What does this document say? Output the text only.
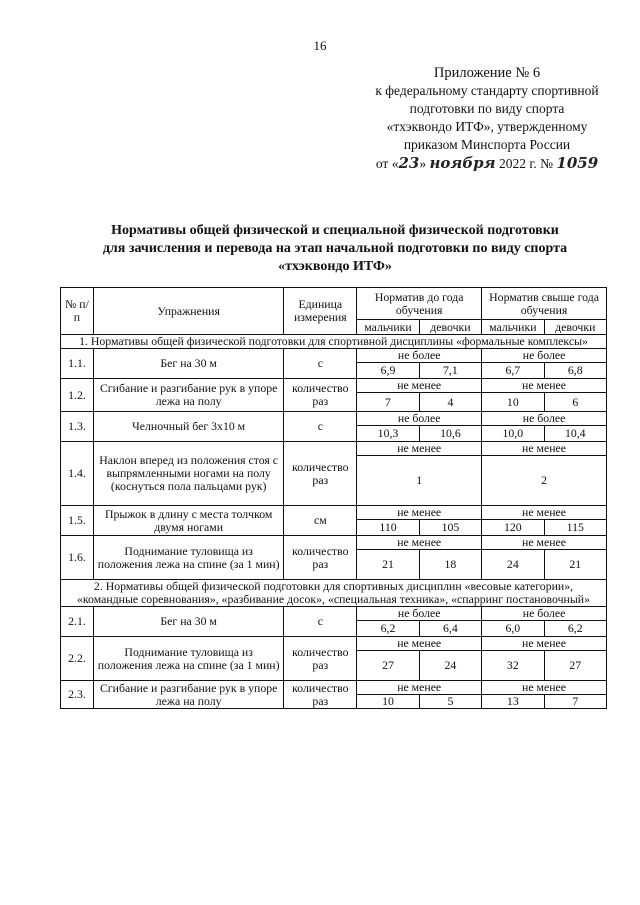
16
Приложение № 6
к федеральному стандарту спортивной
подготовки по виду спорта
«тхэквондо ИТФ», утвержденному
приказом Минспорта России
от «23» ноября 2022 г. № 1059
Нормативы общей физической и специальной физической подготовки
для зачисления и перевода на этап начальной подготовки по виду спорта
«тхэквондо ИТФ»
№ п/п	Упражнения	Единица измерения	Норматив до года обучения		Норматив свыше года обучения	
			мальчики	девочки	мальчики	девочки
1. Нормативы общей физической подготовки для спортивной дисциплины «формальные комплексы»						
1.1.	Бег на 30 м	с	не более		не более	
			6,9	7,1	6,7	6,8
1.2.	Сгибание и разгибание рук в упоре лежа на полу	количество раз	не менее		не менее	
			7	4	10	6
1.3.	Челночный бег 3х10 м	с	не более		не более	
			10,3	10,6	10,0	10,4
1.4.	Наклон вперед из положения стоя с выпрямленными ногами на полу (коснуться пола пальцами рук)	количество раз	не менее		не менее	
			1		2	
1.5.	Прыжок в длину с места толчком двумя ногами	см	не менее		не менее	
			110	105	120	115
1.6.	Поднимание туловища из положения лежа на спине (за 1 мин)	количество раз	не менее		не менее	
			21	18	24	21
2. Нормативы общей физической подготовки для спортивных дисциплин «весовые категории», «командные соревнования», «разбивание досок», «специальная техника», «спарринг постановочный»						
2.1.	Бег на 30 м	с	не более		не более	
			6,2	6,4	6,0	6,2
2.2.	Поднимание туловища из положения лежа на спине (за 1 мин)	количество раз	не менее		не менее	
			27	24	32	27
2.3.	Сгибание и разгибание рук в упоре лежа на полу	количество раз	не менее		не менее	
			10	5	13	7
